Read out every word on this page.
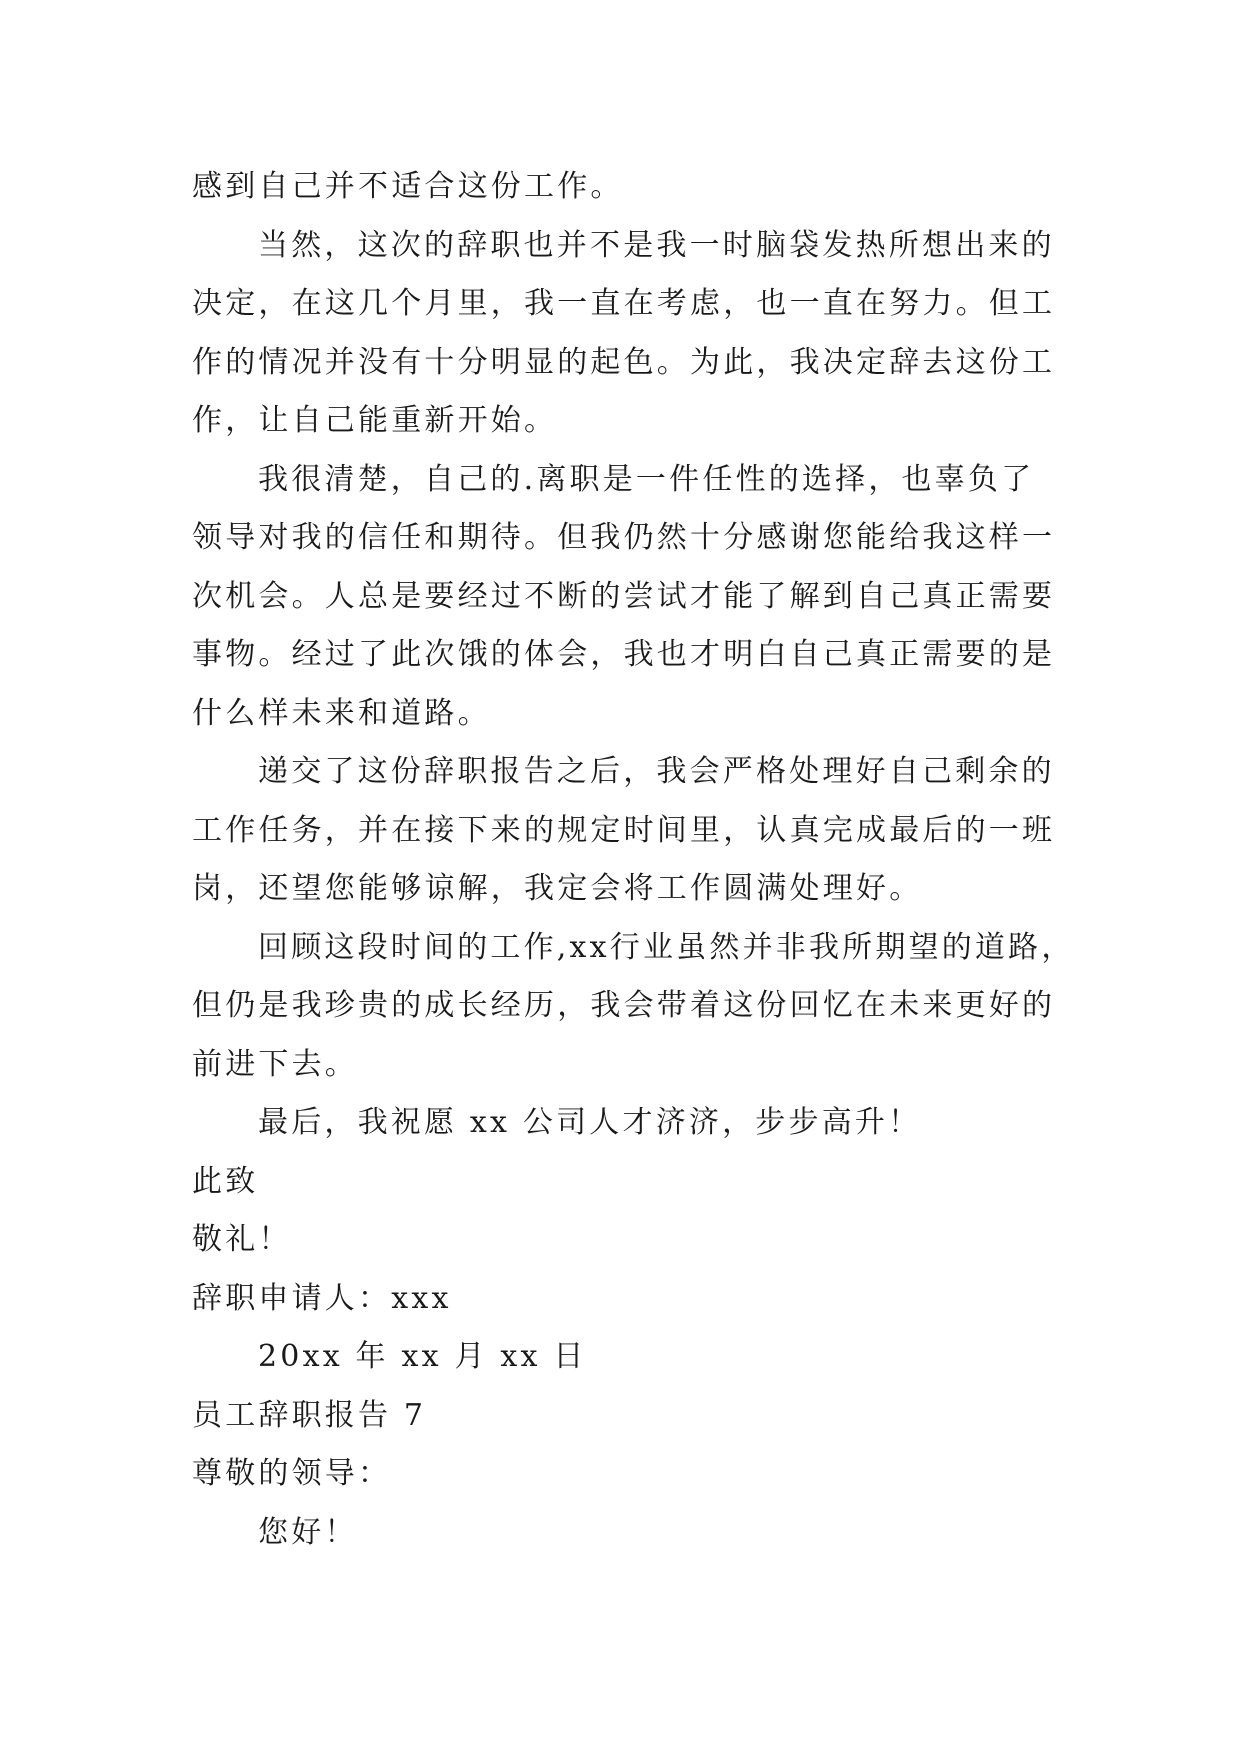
感到自己并不适合这份工作。
当然，这次的辞职也并不是我一时脑袋发热所想出来的
决定，在这几个月里，我一直在考虑，也一直在努力。但工
作的情况并没有十分明显的起色。为此，我决定辞去这份工
作，让自己能重新开始。
我很清楚，自己的.离职是一件任性的选择，也辜负了
领导对我的信任和期待。但我仍然十分感谢您能给我这样一
次机会。人总是要经过不断的尝试才能了解到自己真正需要
事物。经过了此次饿的体会，我也才明白自己真正需要的是
什么样未来和道路。
递交了这份辞职报告之后，我会严格处理好自己剩余的
工作任务，并在接下来的规定时间里，认真完成最后的一班
岗，还望您能够谅解，我定会将工作圆满处理好。
回顾这段时间的工作,xx行业虽然并非我所期望的道路，
但仍是我珍贵的成长经历，我会带着这份回忆在未来更好的
前进下去。
最后，我祝愿 xx 公司人才济济，步步高升！
此致
敬礼！
辞职申请人：xxx
20xx 年 xx 月 xx 日
员工辞职报告 7
尊敬的领导：
您好！
